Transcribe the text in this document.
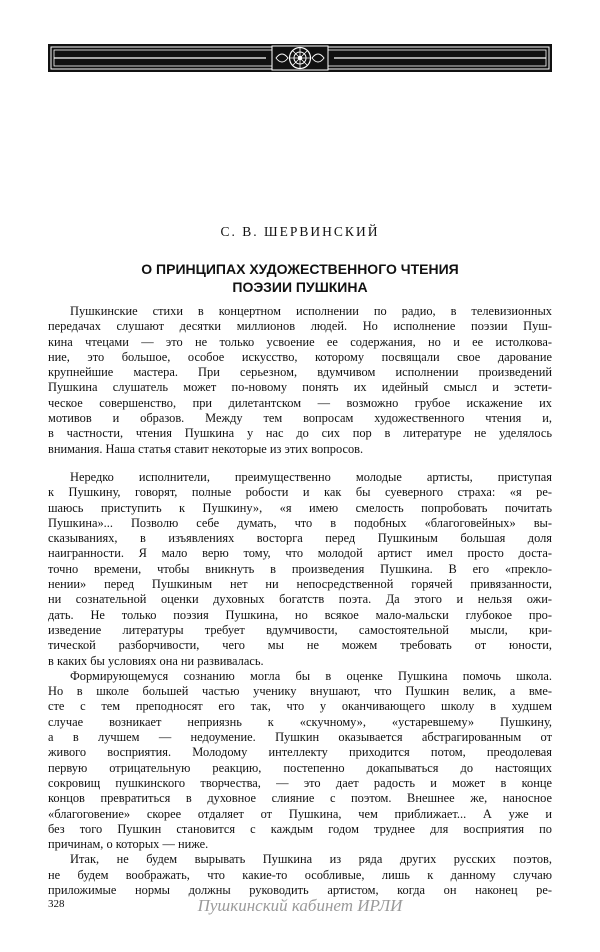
С. В. ШЕРВИНСКИЙ
О ПРИНЦИПАХ ХУДОЖЕСТВЕННОГО ЧТЕНИЯ
ПОЭЗИИ ПУШКИНА
Пушкинские стихи в концертном исполнении по радио, в телевизионных
передачах слушают десятки миллионов людей. Но исполнение поэзии Пуш-
кина чтецами — это не только усвоение ее содержания, но и ее истолкова-
ние, это большое, особое искусство, которому посвящали свое дарование
крупнейшие мастера. При серьезном, вдумчивом исполнении произведений
Пушкина слушатель может по-новому понять их идейный смысл и эстети-
ческое совершенство, при дилетантском — возможно грубое искажение их
мотивов и образов. Между тем вопросам художественного чтения и,
в частности, чтения Пушкина у нас до сих пор в литературе не уделялось
внимания. Наша статья ставит некоторые из этих вопросов.
Нередко исполнители, преимущественно молодые артисты, приступая
к Пушкину, говорят, полные робости и как бы суеверного страха: «я ре-
шаюсь приступить к Пушкину», «я имею смелость попробовать почитать
Пушкина»... Позволю себе думать, что в подобных «благоговейных» вы-
сказываниях, в изъявлениях восторга перед Пушкиным большая доля
наигранности. Я мало верю тому, что молодой артист имел просто доста-
точно времени, чтобы вникнуть в произведения Пушкина. В его «прекло-
нении» перед Пушкиным нет ни непосредственной горячей привязанности,
ни сознательной оценки духовных богатств поэта. Да этого и нельзя ожи-
дать. Не только поэзия Пушкина, но всякое мало-мальски глубокое про-
изведение литературы требует вдумчивости, самостоятельной мысли, кри-
тической разборчивости, чего мы не можем требовать от юности,
в каких бы условиях она ни развивалась.
Формирующемуся сознанию могла бы в оценке Пушкина помочь школа.
Но в школе большей частью ученику внушают, что Пушкин велик, а вме-
сте с тем преподносят его так, что у оканчивающего школу в худшем
случае возникает неприязнь к «скучному», «устаревшему» Пушкину,
а в лучшем — недоумение. Пушкин оказывается абстрагированным от
живого восприятия. Молодому интеллекту приходится потом, преодолевая
первую отрицательную реакцию, постепенно докапываться до настоящих
сокровищ пушкинского творчества, — это дает радость и может в конце
концов превратиться в духовное слияние с поэтом. Внешнее же, наносное
«благоговение» скорее отдаляет от Пушкина, чем приближает... А уже и
без того Пушкин становится с каждым годом труднее для восприятия по
причинам, о которых — ниже.
Итак, не будем вырывать Пушкина из ряда других русских поэтов,
не будем воображать, что какие-то особливые, лишь к данному случаю
приложимые нормы должны руководить артистом, когда он наконец ре-
328	Пушкинский кабинет ИРЛИ
